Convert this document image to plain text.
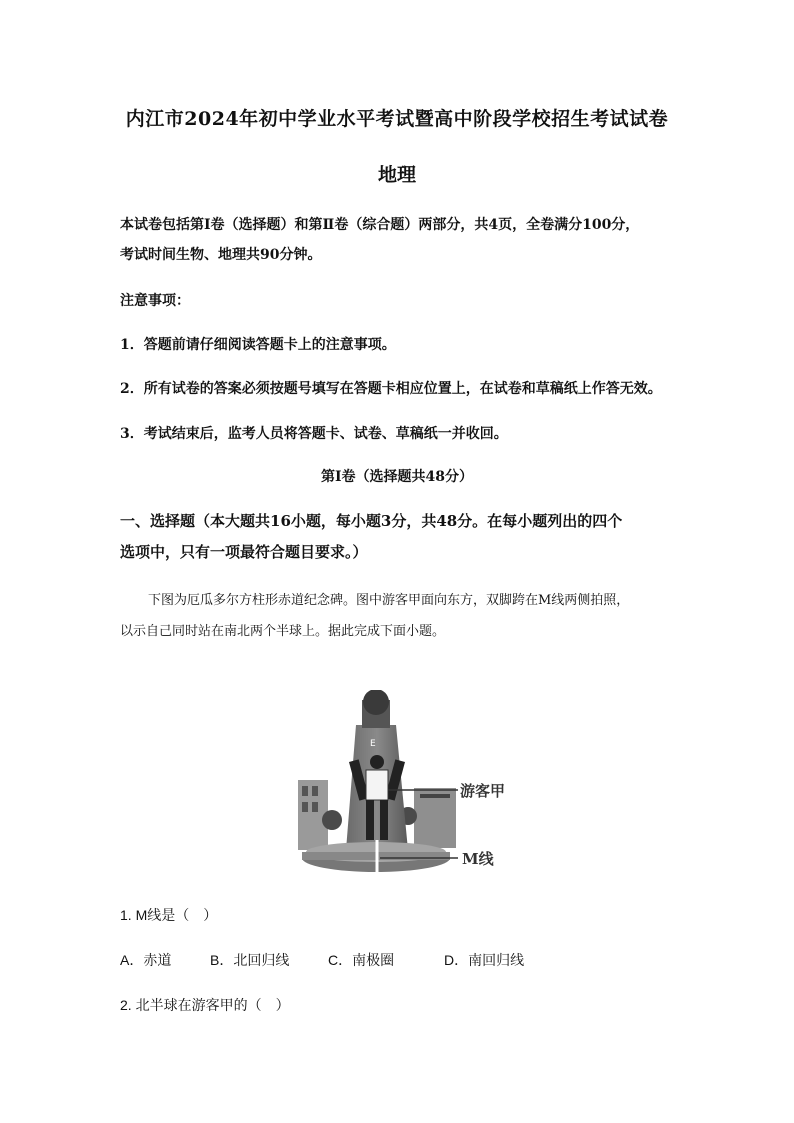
内江市2024年初中学业水平考试暨高中阶段学校招生考试试卷
地理
本试卷包括第Ⅰ卷（选择题）和第Ⅱ卷（综合题）两部分，共4页，全卷满分100分，
考试时间生物、地理共90分钟。
注意事项：
1．答题前请仔细阅读答题卡上的注意事项。
2．所有试卷的答案必须按题号填写在答题卡相应位置上，在试卷和草稿纸上作答无效。
3．考试结束后，监考人员将答题卡、试卷、草稿纸一并收回。
第Ⅰ卷（选择题共48分）
一、选择题（本大题共16小题，每小题3分，共48分。在每小题列出的四个
选项中，只有一项最符合题目要求。）
下图为厄瓜多尔方柱形赤道纪念碑。图中游客甲面向东方，双脚跨在M线两侧拍照，
以示自己同时站在南北两个半球上。据此完成下面小题。
E
游客甲
M线
1. M线是（　）
A．赤道	B．北回归线	C．南极圈	D．南回归线
2. 北半球在游客甲的（　）
